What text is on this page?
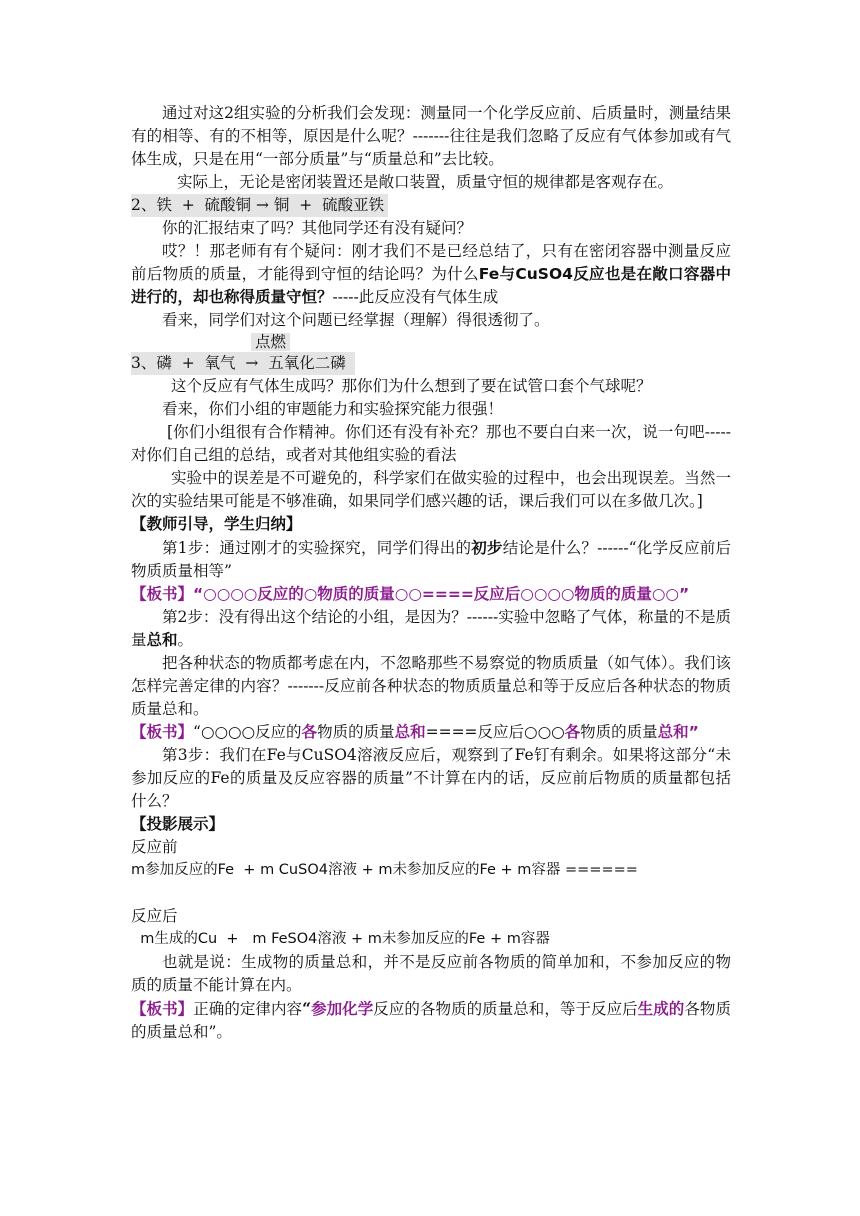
通过对这2组实验的分析我们会发现：测量同一个化学反应前、后质量时，测量结果有的相等、有的不相等，原因是什么呢？-------往往是我们忽略了反应有气体参加或有气体生成，只是在用“一部分质量”与“质量总和”去比较。

实际上，无论是密闭装置还是敞口装置，质量守恒的规律都是客观存在。

2、铁  +  硫酸铜 → 铜  +  硫酸亚铁

你的汇报结束了吗？其他同学还有没有疑问？

哎？！那老师有有个疑问：刚才我们不是已经总结了，只有在密闭容器中测量反应前后物质的质量，才能得到守恒的结论吗？为什么Fe与CuSO4反应也是在敞口容器中进行的，却也称得质量守恒？-----此反应没有气体生成

看来，同学们对这个问题已经掌握（理解）得很透彻了。

点燃

3、磷  +  氧气  →  五氧化二磷

这个反应有气体生成吗？那你们为什么想到了要在试管口套个气球呢？

看来，你们小组的审题能力和实验探究能力很强！

[你们小组很有合作精神。你们还有没有补充？那也不要白白来一次，说一句吧-----对你们自己组的总结，或者对其他组实验的看法

实验中的误差是不可避免的，科学家们在做实验的过程中，也会出现误差。当然一次的实验结果可能是不够准确，如果同学们感兴趣的话，课后我们可以在多做几次。]

【教师引导，学生归纳】

第1步：通过刚才的实验探究，同学们得出的初步结论是什么？------“化学反应前后物质质量相等”

【板书】“○○○○反应的○物质的质量○○====反应后○○○○物质的质量○○”

第2步：没有得出这个结论的小组，是因为？------实验中忽略了气体，称量的不是质量总和。

把各种状态的物质都考虑在内，不忽略那些不易察觉的物质质量（如气体）。我们该怎样完善定律的内容？-------反应前各种状态的物质质量总和等于反应后各种状态的物质质量总和。

【板书】“○○○○反应的各物质的质量总和====反应后○○○各物质的质量总和”

第3步：我们在Fe与CuSO4溶液反应后，观察到了Fe钉有剩余。如果将这部分“未参加反应的Fe的质量及反应容器的质量”不计算在内的话，反应前后物质的质量都包括什么？

【投影展示】

反应前

m参加反应的Fe  + m CuSO4溶液 + m未参加反应的Fe + m容器 ======

反应后

m生成的Cu  +   m FeSO4溶液 + m未参加反应的Fe + m容器

也就是说：生成物的质量总和，并不是反应前各物质的简单加和，不参加反应的物质的质量不能计算在内。

【板书】正确的定律内容“参加化学反应的各物质的质量总和，等于反应后生成的各物质的质量总和”。
